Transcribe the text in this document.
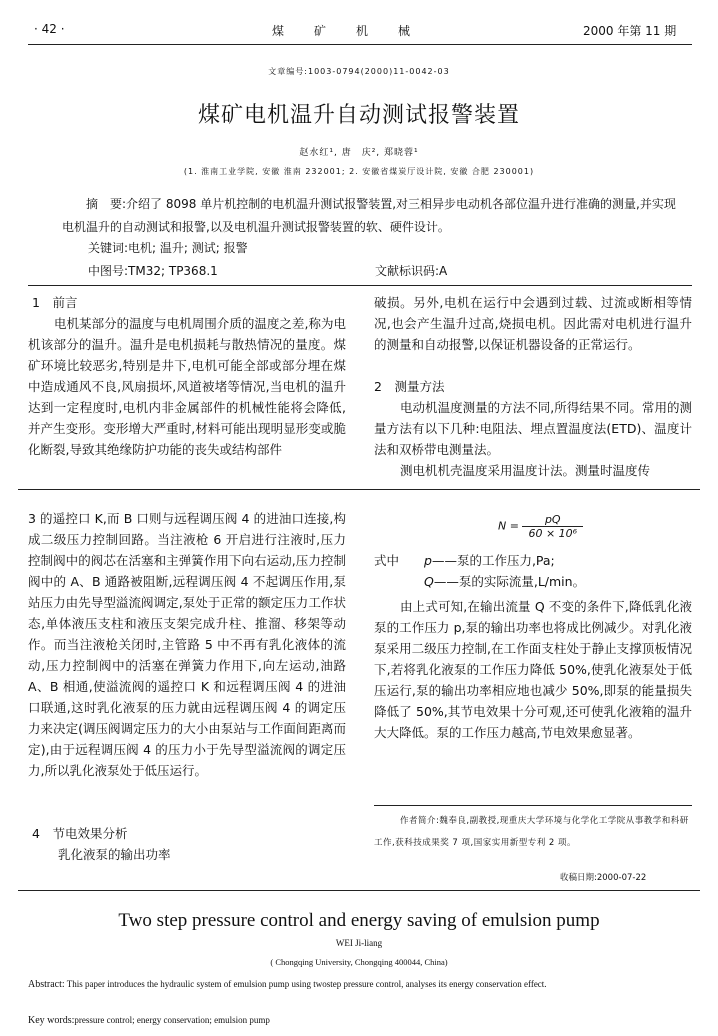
· 42 ·	煤　　矿　　机　　械	2000 年第 11 期
文章编号:1003-0794(2000)11-0042-03
煤矿电机温升自动测试报警装置
赵水红¹, 唐　庆², 郑晓蓉¹
(1. 淮南工业学院, 安徽 淮南 232001; 2. 安徽省煤炭厅设计院, 安徽 合肥 230001)
摘　要:介绍了 8098 单片机控制的电机温升测试报警装置,对三相异步电动机各部位温升进行准确的测量,并实现电机温升的自动测试和报警,以及电机温升测试报警装置的软、硬件设计。
关键词:电机; 温升; 测试; 报警
中图号:TM32; TP368.1	文献标识码:A
1　前言
电机某部分的温度与电机周围介质的温度之差,称为电机该部分的温升。温升是电机损耗与散热情况的量度。煤矿环境比较恶劣,特别是井下,电机可能全部或部分埋在煤中造成通风不良,风扇损坏,风道被堵等情况,当电机的温升达到一定程度时,电机内非金属部件的机械性能将会降低,并产生变形。变形增大严重时,材料可能出现明显形变或脆化断裂,导致其绝缘防护功能的丧失或结构部件
破损。另外,电机在运行中会遇到过载、过流或断相等情况,也会产生温升过高,烧损电机。因此需对电机进行温升的测量和自动报警,以保证机器设备的正常运行。
2　测量方法
电动机温度测量的方法不同,所得结果不同。常用的测量方法有以下几种:电阻法、埋点置温度法(ETD)、温度计法和双桥带电测量法。
测电机机壳温度采用温度计法。测量时温度传
3 的遥控口 K,而 B 口则与远程调压阀 4 的进油口连接,构成二级压力控制回路。当注液枪 6 开启进行注液时,压力控制阀中的阀芯在活塞和主弹簧作用下向右运动,压力控制阀中的 A、B 通路被阻断,远程调压阀 4 不起调压作用,泵站压力由先导型溢流阀调定,泵处于正常的额定压力工作状态,单体液压支柱和液压支架完成升柱、推溜、移架等动作。而当注液枪关闭时,主管路 5 中不再有乳化液体的流动,压力控制阀中的活塞在弹簧力作用下,向左运动,油路 A、B 相通,使溢流阀的遥控口 K 和远程调压阀 4 的进油口联通,这时乳化液泵的压力就由远程调压阀 4 的调定压力来决定(调压阀调定压力的大小由泵站与工作面间距离而定),由于远程调压阀 4 的压力小于先导型溢流阀的调定压力,所以乳化液泵处于低压运行。
4　节电效果分析
乳化液泵的输出功率
$N = \frac{pQ}{\text{60 × 10⁶}}$
式中 p——泵的工作压力,Pa;
Q——泵的实际流量,L/min。
由上式可知,在输出流量 Q 不变的条件下,降低乳化液泵的工作压力 p,泵的输出功率也将成比例减少。对乳化液泵采用二级压力控制,在工作面支柱处于静止支撑顶板情况下,若将乳化液泵的工作压力降低 50%,使乳化液泵处于低压运行,泵的输出功率相应地也减少 50%,即泵的能量损失降低了 50%,其节电效果十分可观,还可使乳化液箱的温升大大降低。泵的工作压力越高,节电效果愈显著。
作者简介:魏奉良,副教授,现重庆大学环境与化学化工学院从事教学和科研工作,获科技成果奖 7 项,国家实用新型专利 2 项。
收稿日期:2000-07-22
Two step pressure control and energy saving of emulsion pump
WEI Ji-liang
( Chongqing University, Chongqing 400044, China)
Abstract: This paper introduces the hydraulic system of emulsion pump using twostep pressure control, analyses its energy conservation effect.
Key words:pressure control; energy conservation; emulsion pump
